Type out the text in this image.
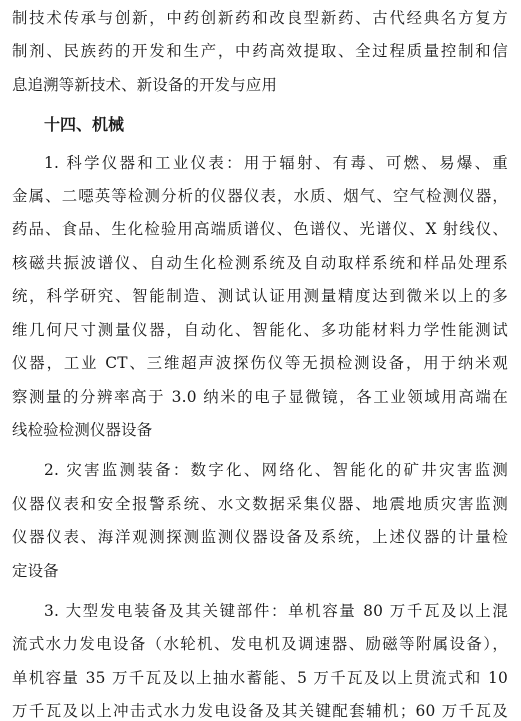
制技术传承与创新，中药创新药和改良型新药、古代经典名方复方
制剂、民族药的开发和生产，中药高效提取、全过程质量控制和信
息追溯等新技术、新设备的开发与应用
十四、机械
1. 科学仪器和工业仪表：用于辐射、有毒、可燃、易爆、重
金属、二噁英等检测分析的仪器仪表，水质、烟气、空气检测仪器，
药品、食品、生化检验用高端质谱仪、色谱仪、光谱仪、X 射线仪、
核磁共振波谱仪、自动生化检测系统及自动取样系统和样品处理系
统，科学研究、智能制造、测试认证用测量精度达到微米以上的多
维几何尺寸测量仪器，自动化、智能化、多功能材料力学性能测试
仪器，工业 CT、三维超声波探伤仪等无损检测设备，用于纳米观
察测量的分辨率高于 3.0 纳米的电子显微镜，各工业领域用高端在
线检验检测仪器设备
2. 灾害监测装备：数字化、网络化、智能化的矿井灾害监测
仪器仪表和安全报警系统、水文数据采集仪器、地震地质灾害监测
仪器仪表、海洋观测探测监测仪器设备及系统，上述仪器的计量检
定设备
3. 大型发电装备及其关键部件：单机容量 80 万千瓦及以上混
流式水力发电设备（水轮机、发电机及调速器、励磁等附属设备），
单机容量 35 万千瓦及以上抽水蓄能、5 万千瓦及以上贯流式和 10
万千瓦及以上冲击式水力发电设备及其关键配套辅机；60 万千瓦及
